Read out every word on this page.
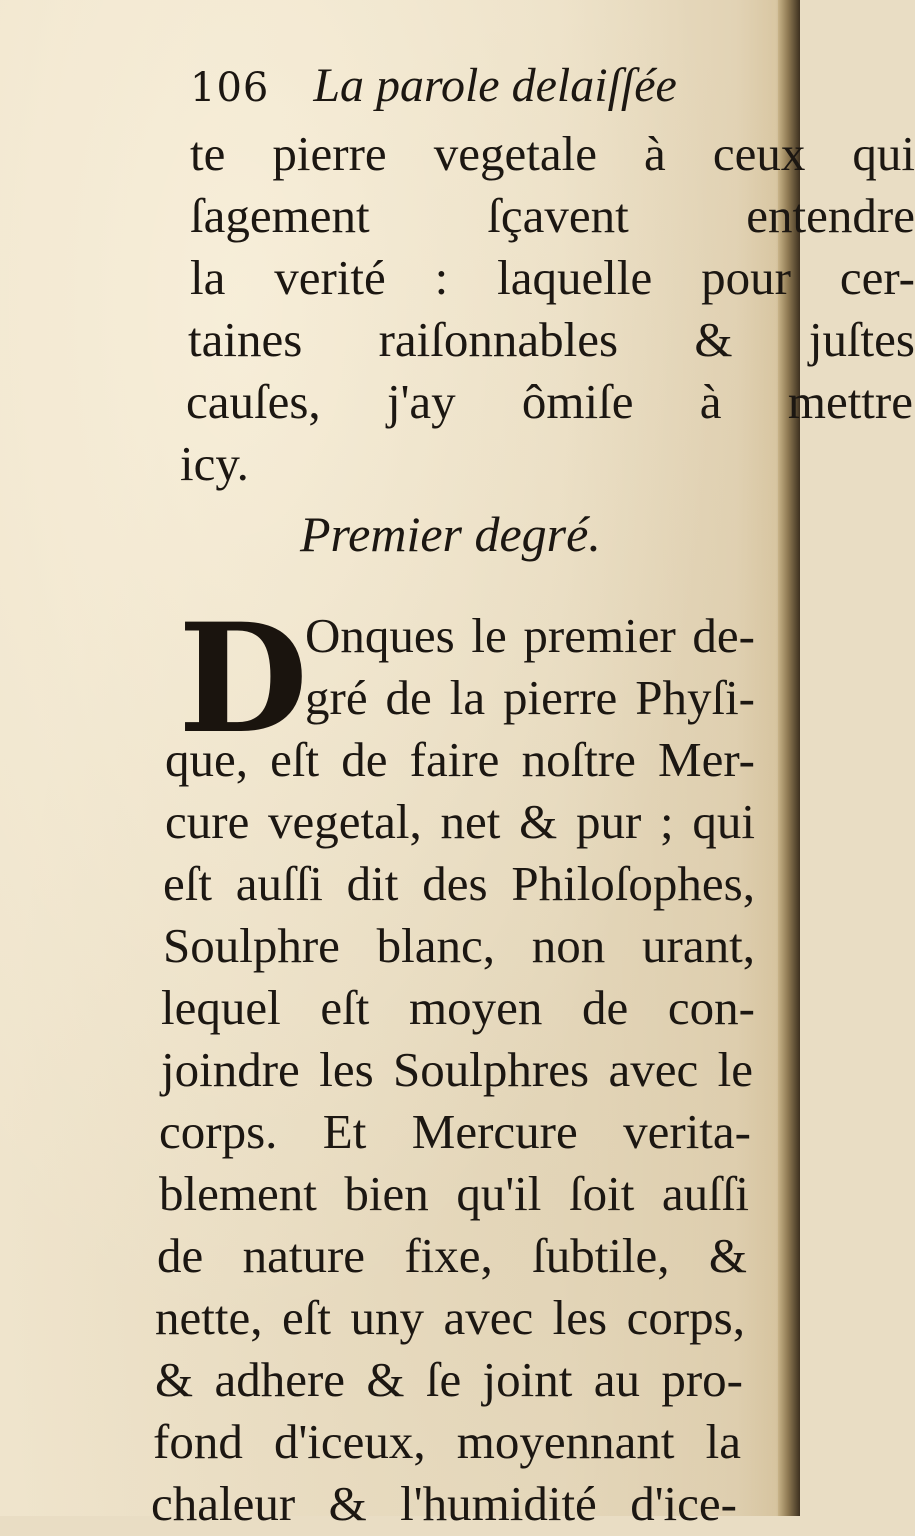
106 La parole delaiſſée
te pierre vegetale à ceux qui
ſagement ſçavent entendre
la verité : laquelle pour cer-
taines raiſonnables & juſtes
cauſes, j'ay ômiſe à mettre
icy.
Premier degré.
D
Onques le premier de-
gré de la pierre Phyſi-
que, eſt de faire noſtre Mer-
cure vegetal, net & pur ; qui
eſt auſſi dit des Philoſophes,
Soulphre blanc, non urant,
lequel eſt moyen de con-
joindre les Soulphres avec le
corps. Et Mercure verita-
blement bien qu'il ſoit auſſi
de nature fixe, ſubtile, &
nette, eſt uny avec les corps,
& adhere & ſe joint au pro-
fond d'iceux, moyennant la
chaleur & l'humidité d'ice-
